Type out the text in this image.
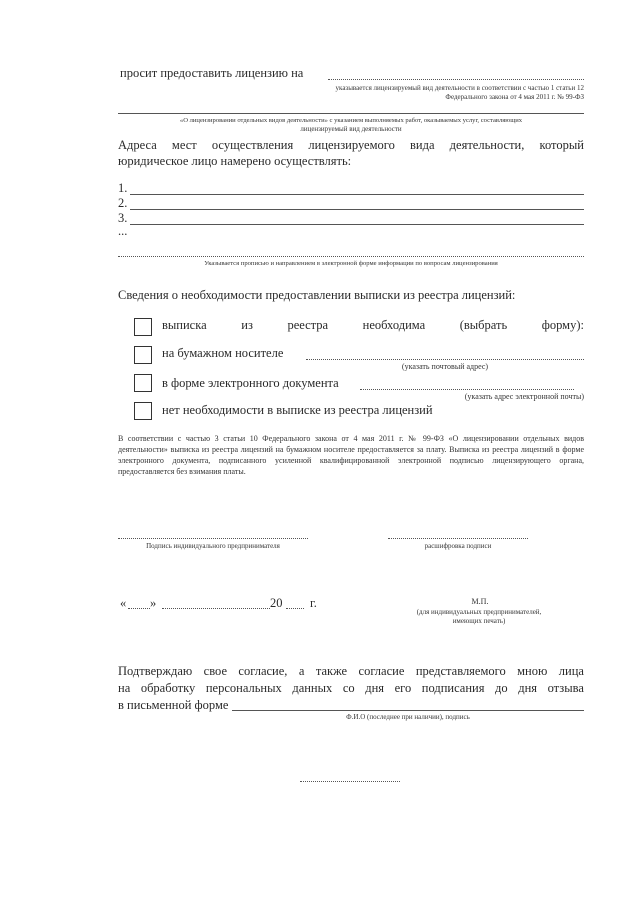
просит предоставить лицензию на
указывается лицензируемый вид деятельности в соответствии с частью 1 статьи 12
Федерального закона от 4 мая 2011 г. № 99-ФЗ
«О лицензировании отдельных видов деятельности» с указанием выполняемых работ, оказываемых услуг, составляющих
лицензируемый вид деятельности
Адреса мест осуществления лицензируемого вида деятельности, который
юридическое лицо намерено осуществлять:
1.
2.
3.
...
Указывается прописью и направлением в электронной форме информации по вопросам лицензирования
Сведения о необходимости предоставлении выписки из реестра лицензий:
выписка	из	реестра	необходима	(выбрать	форму):
на бумажном носителе
(указать почтовый адрес)
в форме электронного документа
(указать адрес электронной почты)
нет необходимости в выписке из реестра лицензий
В соответствии с частью 3 статьи 10 Федерального закона от 4 мая 2011 г. № 99-ФЗ «О лицензировании отдельных видов деятельности» выписка из реестра лицензий на бумажном носителе предоставляется за плату. Выписка из реестра лицензий в форме электронного документа, подписанного усиленной квалифицированной электронной подписью лицензирующего органа, предоставляется без взимания платы.
Подпись индивидуального предпринимателя	расшифровка подписи
« »	20 г.	М.П.
(для индивидуальных предпринимателей,
имеющих печать)
Подтверждаю свое согласие, а также согласие представляемого мною лица
на обработку персональных данных со дня его подписания до дня отзыва
в письменной форме
Ф.И.О (последнее при наличии), подпись
